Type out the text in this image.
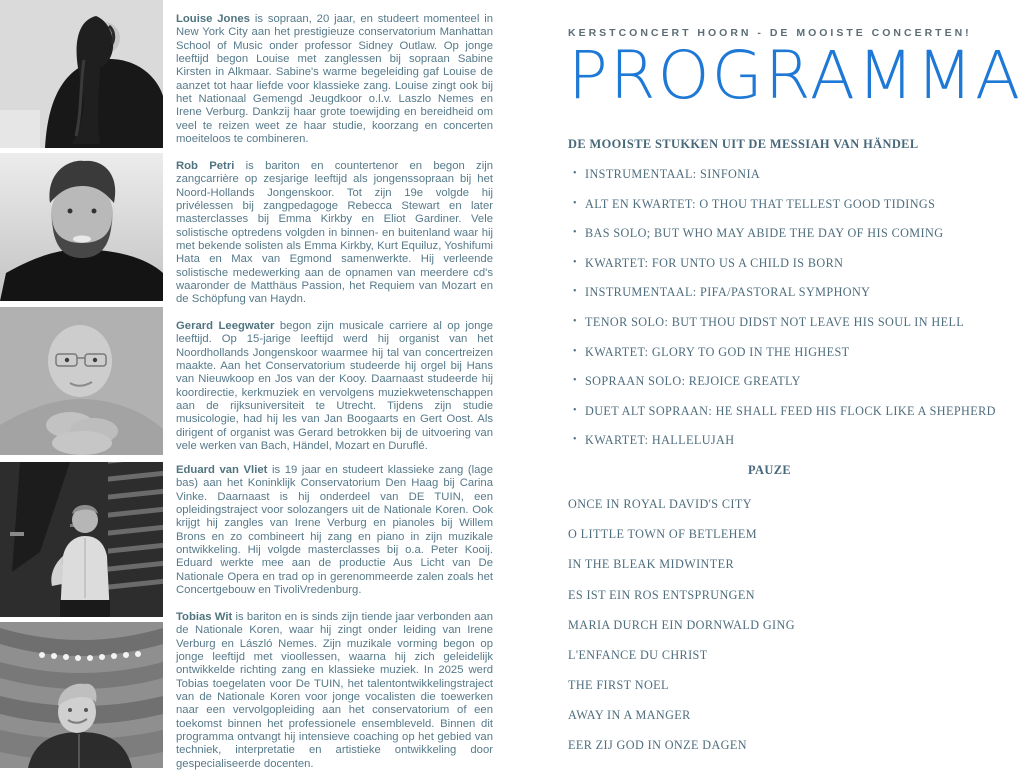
Louise Jones is sopraan, 20 jaar, en studeert momenteel in New York City aan het prestigieuze conservatorium Manhattan School of Music onder professor Sidney Outlaw. Op jonge leeftijd begon Louise met zanglessen bij sopraan Sabine Kirsten in Alkmaar. Sabine's warme begeleiding gaf Louise de aanzet tot haar liefde voor klassieke zang. Louise zingt ook bij het Nationaal Gemengd Jeugdkoor o.l.v. Laszlo Nemes en Irene Verburg. Dankzij haar grote toewijding en bereidheid om veel te reizen weet ze haar studie, koorzang en concerten moeiteloos te combineren.

Rob Petri is bariton en countertenor en begon zijn zangcarrière op zesjarige leeftijd als jongenssopraan bij het Noord-Hollands Jongenskoor. Tot zijn 19e volgde hij privélessen bij zangpedagoge Rebecca Stewart en later masterclasses bij Emma Kirkby en Eliot Gardiner. Vele solistische optredens volgden in binnen- en buitenland waar hij met bekende solisten als Emma Kirkby, Kurt Equiluz, Yoshifumi Hata en Max van Egmond samenwerkte. Hij verleende solistische medewerking aan de opnamen van meerdere cd's waaronder de Matthäus Passion, het Requiem van Mozart en de Schöpfung van Haydn.

Gerard Leegwater begon zijn musicale carriere al op jonge leeftijd. Op 15-jarige leeftijd werd hij organist van het Noordhollands Jongenskoor waarmee hij tal van concertreizen maakte. Aan het Conservatorium studeerde hij orgel bij Hans van Nieuwkoop en Jos van der Kooy. Daarnaast studeerde hij koordirectie, kerkmuziek en vervolgens muziekwetenschappen aan de rijksuniversiteit te Utrecht. Tijdens zijn studie musicologie, had hij les van Jan Boogaarts en Gert Oost. Als dirigent of organist was Gerard betrokken bij de uitvoering van vele werken van Bach, Händel, Mozart en Duruflé.

Eduard van Vliet is 19 jaar en studeert klassieke zang (lage bas) aan het Koninklijk Conservatorium Den Haag bij Carina Vinke. Daarnaast is hij onderdeel van DE TUIN, een opleidingstraject voor solozangers uit de Nationale Koren. Ook krijgt hij zangles van Irene Verburg en pianoles bij Willem Brons en zo combineert hij zang en piano in zijn muzikale ontwikkeling. Hij volgde masterclasses bij o.a. Peter Kooij. Eduard werkte mee aan de productie Aus Licht van De Nationale Opera en trad op in gerenommeerde zalen zoals het Concertgebouw en TivoliVredenburg.

Tobias Wit is bariton en is sinds zijn tiende jaar verbonden aan de Nationale Koren, waar hij zingt onder leiding van Irene Verburg en László Nemes. Zijn muzikale vorming begon op jonge leeftijd met vioollessen, waarna hij zich geleidelijk ontwikkelde richting zang en klassieke muziek. In 2025 werd Tobias toegelaten voor De TUIN, het talentontwikkelingstraject van de Nationale Koren voor jonge vocalisten die toewerken naar een vervolgopleiding aan het conservatorium of een toekomst binnen het professionele ensembleveld. Binnen dit programma ontvangt hij intensieve coaching op het gebied van techniek, interpretatie en artistieke ontwikkeling door gespecialiseerde docenten.

KERSTCONCERT HOORN - DE MOOISTE CONCERTEN!
PROGRAMMA
DE MOOISTE STUKKEN UIT DE MESSIAH VAN HÄNDEL
• INSTRUMENTAAL: SINFONIA
• ALT EN KWARTET: O THOU THAT TELLEST GOOD TIDINGS
• BAS SOLO; BUT WHO MAY ABIDE THE DAY OF HIS COMING
• KWARTET: FOR UNTO US A CHILD IS BORN
• INSTRUMENTAAL: PIFA/PASTORAL SYMPHONY
• TENOR SOLO: BUT THOU DIDST NOT LEAVE HIS SOUL IN HELL
• KWARTET: GLORY TO GOD IN THE HIGHEST
• SOPRAAN SOLO: REJOICE GREATLY
• DUET ALT SOPRAAN: HE SHALL FEED HIS FLOCK LIKE A SHEPHERD
• KWARTET: HALLELUJAH
PAUZE

ONCE IN ROYAL DAVID'S CITY

O LITTLE TOWN OF BETLEHEM

IN THE BLEAK MIDWINTER

ES IST EIN ROS ENTSPRUNGEN

MARIA DURCH EIN DORNWALD GING

L'ENFANCE DU CHRIST

THE FIRST NOEL

AWAY IN A MANGER

EER ZIJ GOD IN ONZE DAGEN
